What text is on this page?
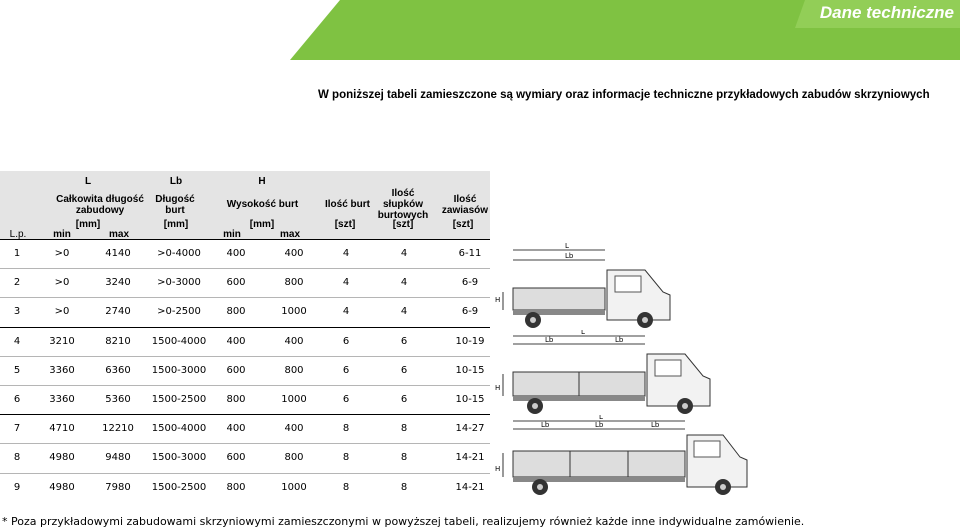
Dane techniczne
W poniższej tabeli zamieszczone są wymiary oraz informacje techniczne przykładowych zabudów skrzyniowych
L	Lb	H
Całkowita długość
zabudowy
Długość
burt
Wysokość burt	Ilość burt
Ilość
słupków
burtowych
Ilość
zawiasów
[mm]	[mm]	[mm]	[szt]	[szt]	[szt]
L.p.	min	max	min	max
1	>0	4140	>0-4000	400	400	4	4	6-11
2	>0	3240	>0-3000	600	800	4	4	6-9
3	>0	2740	>0-2500	800	1000	4	4	6-9
4	3210	8210	1500-4000	400	400	6	6	10-19
5	3360	6360	1500-3000	600	800	6	6	10-15
6	3360	5360	1500-2500	800	1000	6	6	10-15
7	4710	12210 1500-4000	400	400	8	8	14-27
8	4980	9480	1500-3000	600	800	8	8	14-21
9	4980	7980	1500-2500	800	1000	8	8	14-21
L
Lb
H
L
Lb	Lb
H
L
Lb	Lb	Lb
H
* Poza przykładowymi zabudowami skrzyniowymi zamieszczonymi w powyższej tabeli, realizujemy również każde inne indywidualne zamówienie.
